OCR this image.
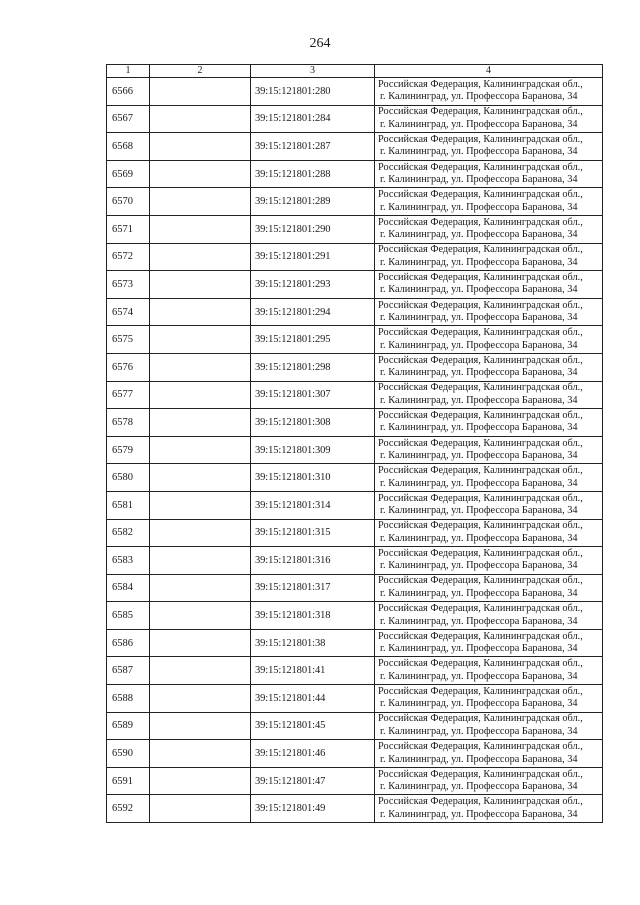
264
1	2	3	4
6566		39:15:121801:280	Российская Федерация, Калининградская обл.,
г. Калининград, ул. Профессора Баранова, 34

6567		39:15:121801:284	Российская Федерация, Калининградская обл.,
г. Калининград, ул. Профессора Баранова, 34

6568		39:15:121801:287	Российская Федерация, Калининградская обл.,
г. Калининград, ул. Профессора Баранова, 34

6569		39:15:121801:288	Российская Федерация, Калининградская обл.,
г. Калининград, ул. Профессора Баранова, 34

6570		39:15:121801:289	Российская Федерация, Калининградская обл.,
г. Калининград, ул. Профессора Баранова, 34

6571		39:15:121801:290	Российская Федерация, Калининградская обл.,
г. Калининград, ул. Профессора Баранова, 34

6572		39:15:121801:291	Российская Федерация, Калининградская обл.,
г. Калининград, ул. Профессора Баранова, 34

6573		39:15:121801:293	Российская Федерация, Калининградская обл.,
г. Калининград, ул. Профессора Баранова, 34

6574		39:15:121801:294	Российская Федерация, Калининградская обл.,
г. Калининград, ул. Профессора Баранова, 34

6575		39:15:121801:295	Российская Федерация, Калининградская обл.,
г. Калининград, ул. Профессора Баранова, 34

6576		39:15:121801:298	Российская Федерация, Калининградская обл.,
г. Калининград, ул. Профессора Баранова, 34

6577		39:15:121801:307	Российская Федерация, Калининградская обл.,
г. Калининград, ул. Профессора Баранова, 34

6578		39:15:121801:308	Российская Федерация, Калининградская обл.,
г. Калининград, ул. Профессора Баранова, 34

6579		39:15:121801:309	Российская Федерация, Калининградская обл.,
г. Калининград, ул. Профессора Баранова, 34

6580		39:15:121801:310	Российская Федерация, Калининградская обл.,
г. Калининград, ул. Профессора Баранова, 34

6581		39:15:121801:314	Российская Федерация, Калининградская обл.,
г. Калининград, ул. Профессора Баранова, 34

6582		39:15:121801:315	Российская Федерация, Калининградская обл.,
г. Калининград, ул. Профессора Баранова, 34

6583		39:15:121801:316	Российская Федерация, Калининградская обл.,
г. Калининград, ул. Профессора Баранова, 34

6584		39:15:121801:317	Российская Федерация, Калининградская обл.,
г. Калининград, ул. Профессора Баранова, 34

6585		39:15:121801:318	Российская Федерация, Калининградская обл.,
г. Калининград, ул. Профессора Баранова, 34

6586		39:15:121801:38	Российская Федерация, Калининградская обл.,
г. Калининград, ул. Профессора Баранова, 34

6587		39:15:121801:41	Российская Федерация, Калининградская обл.,
г. Калининград, ул. Профессора Баранова, 34

6588		39:15:121801:44	Российская Федерация, Калининградская обл.,
г. Калининград, ул. Профессора Баранова, 34

6589		39:15:121801:45	Российская Федерация, Калининградская обл.,
г. Калининград, ул. Профессора Баранова, 34

6590		39:15:121801:46	Российская Федерация, Калининградская обл.,
г. Калининград, ул. Профессора Баранова, 34

6591		39:15:121801:47	Российская Федерация, Калининградская обл.,
г. Калининград, ул. Профессора Баранова, 34

6592		39:15:121801:49	Российская Федерация, Калининградская обл.,
г. Калининград, ул. Профессора Баранова, 34
